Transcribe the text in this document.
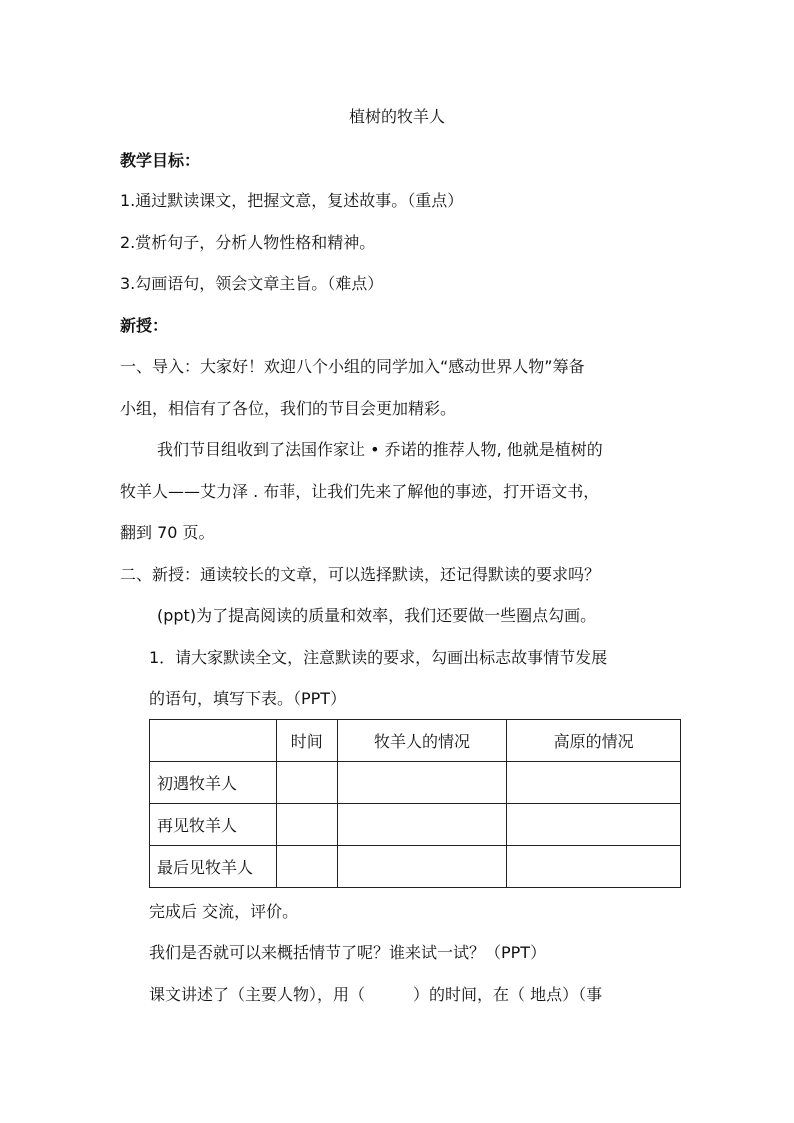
植树的牧羊人
教学目标：
1.通过默读课文，把握文意，复述故事。（重点）
2.赏析句子，分析人物性格和精神。
3.勾画语句，领会文章主旨。（难点）
新授：
一、导入：大家好！欢迎八个小组的同学加入“感动世界人物”筹备
小组，相信有了各位，我们的节目会更加精彩。
我们节目组收到了法国作家让 • 乔诺的推荐人物, 他就是植树的
牧羊人——艾力泽 . 布菲，让我们先来了解他的事迹，打开语文书，
翻到 70 页。
二、新授：通读较长的文章，可以选择默读，还记得默读的要求吗？
(ppt)为了提高阅读的质量和效率，我们还要做一些圈点勾画。
1．请大家默读全文，注意默读的要求，勾画出标志故事情节发展
的语句，填写下表。（PPT）
	时间	牧羊人的情况	高原的情况
初遇牧羊人			
再见牧羊人			
最后见牧羊人			
完成后 交流，评价。
我们是否就可以来概括情节了呢？谁来试一试？（PPT）
课文讲述了（主要人物），用（　　　）的时间，在（ 地点）（事
